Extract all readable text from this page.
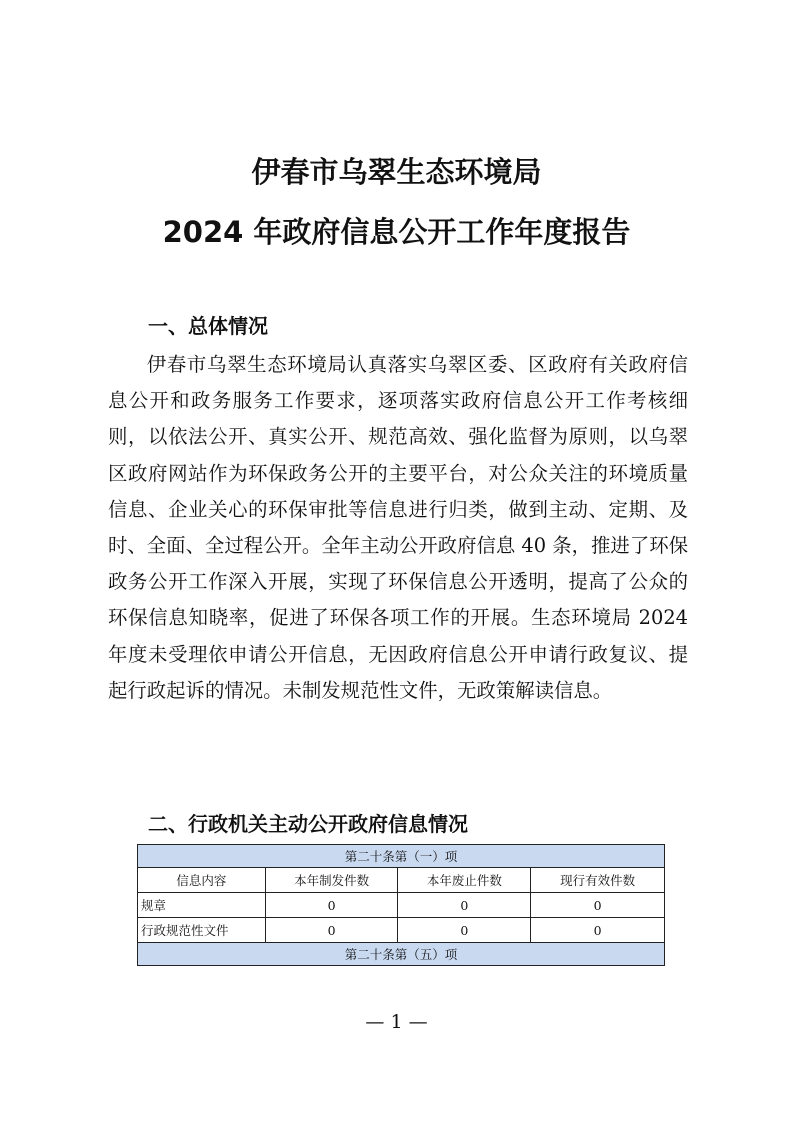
伊春市乌翠生态环境局
2024 年政府信息公开工作年度报告
一、总体情况

伊春市乌翠生态环境局认真落实乌翠区委、区政府有关政府信息公开和政务服务工作要求，逐项落实政府信息公开工作考核细则，以依法公开、真实公开、规范高效、强化监督为原则，以乌翠区政府网站作为环保政务公开的主要平台，对公众关注的环境质量信息、企业关心的环保审批等信息进行归类，做到主动、定期、及时、全面、全过程公开。全年主动公开政府信息 40 条，推进了环保政务公开工作深入开展，实现了环保信息公开透明，提高了公众的环保信息知晓率，促进了环保各项工作的开展。生态环境局 2024 年度未受理依申请公开信息，无因政府信息公开申请行政复议、提起行政起诉的情况。未制发规范性文件，无政策解读信息。

二、行政机关主动公开政府信息情况
第二十条第（一）项			
信息内容	本年制发件数	本年废止件数	现行有效件数
规章	0	0	0
行政规范性文件	0	0	0
第二十条第（五）项			

— 1 —
